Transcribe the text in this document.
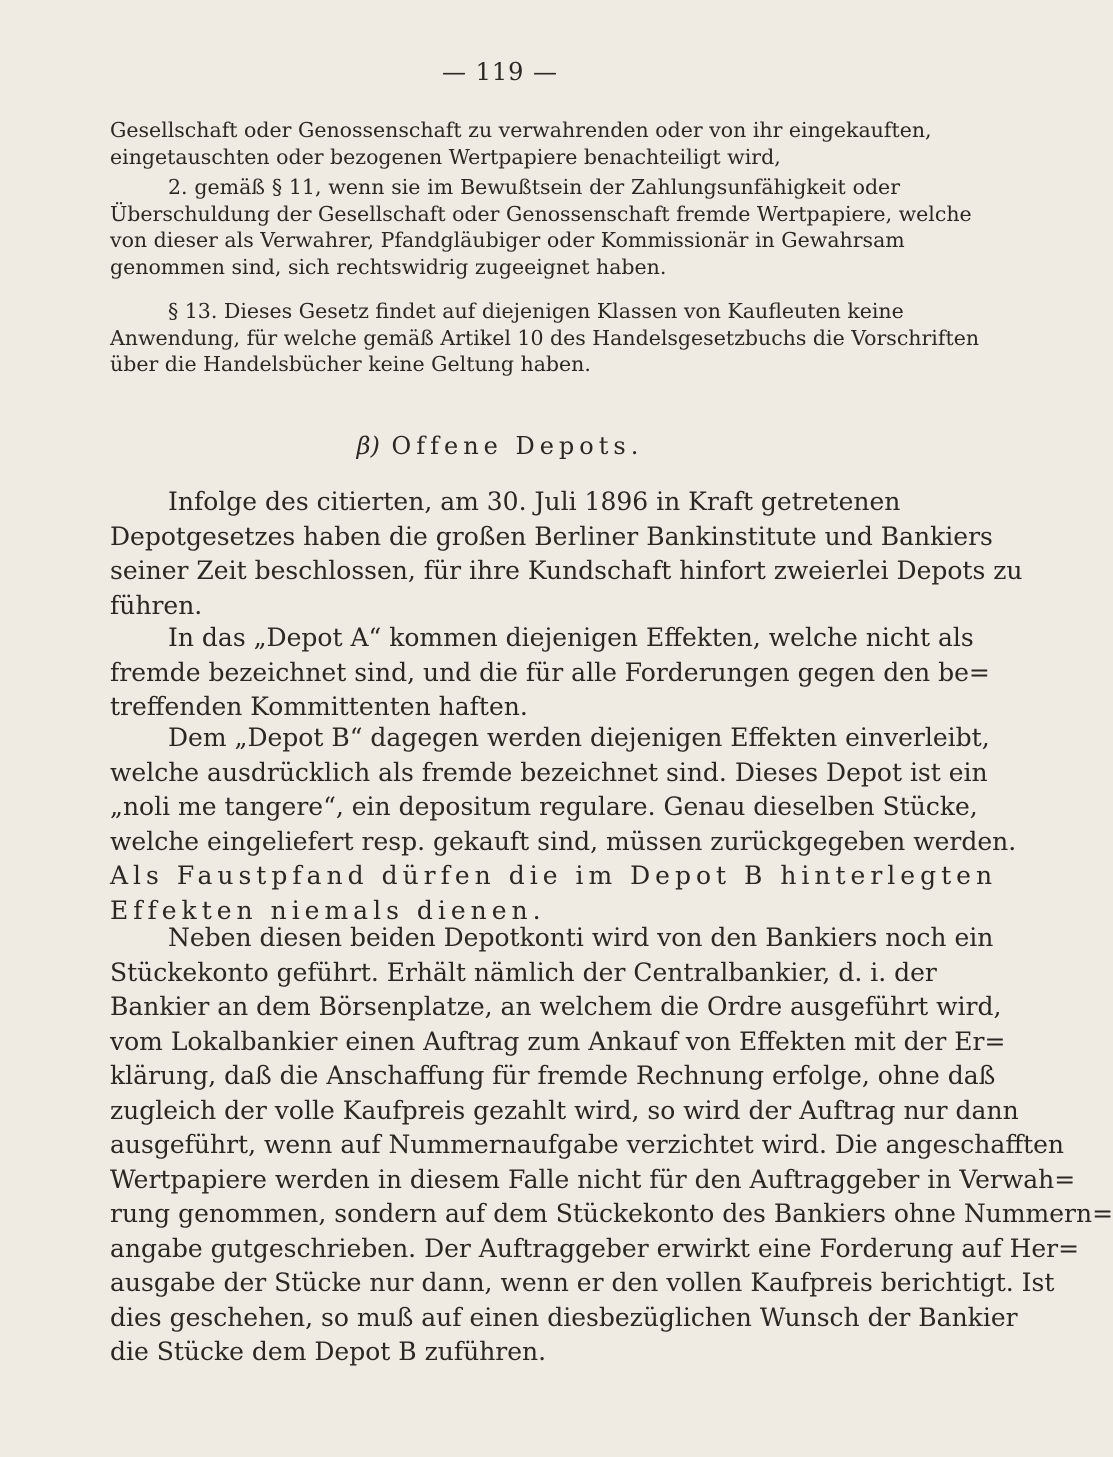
— 119 —
Gesellschaft oder Genossenschaft zu verwahrenden oder von ihr eingekauften,
eingetauschten oder bezogenen Wertpapiere benachteiligt wird,
2. gemäß § 11, wenn sie im Bewußtsein der Zahlungsunfähigkeit oder
Überschuldung der Gesellschaft oder Genossenschaft fremde Wertpapiere, welche
von dieser als Verwahrer, Pfandgläubiger oder Kommissionär in Gewahrsam
genommen sind, sich rechtswidrig zugeeignet haben.
§ 13. Dieses Gesetz findet auf diejenigen Klassen von Kaufleuten keine
Anwendung, für welche gemäß Artikel 10 des Handelsgesetzbuchs die Vorschriften
über die Handelsbücher keine Geltung haben.
β) Offene Depots.
Infolge des citierten, am 30. Juli 1896 in Kraft getretenen
Depotgesetzes haben die großen Berliner Bankinstitute und Bankiers
seiner Zeit beschlossen, für ihre Kundschaft hinfort zweierlei Depots zu
führen.
In das „Depot A“ kommen diejenigen Effekten, welche nicht als
fremde bezeichnet sind, und die für alle Forderungen gegen den be=
treffenden Kommittenten haften.
Dem „Depot B“ dagegen werden diejenigen Effekten einverleibt,
welche ausdrücklich als fremde bezeichnet sind. Dieses Depot ist ein
„noli me tangere“, ein depositum regulare. Genau dieselben Stücke,
welche eingeliefert resp. gekauft sind, müssen zurückgegeben werden.
Als Faustpfand dürfen die im Depot B hinterlegten
Effekten niemals dienen.
Neben diesen beiden Depotkonti wird von den Bankiers noch ein
Stückekonto geführt. Erhält nämlich der Centralbankier, d. i. der
Bankier an dem Börsenplatze, an welchem die Ordre ausgeführt wird,
vom Lokalbankier einen Auftrag zum Ankauf von Effekten mit der Er=
klärung, daß die Anschaffung für fremde Rechnung erfolge, ohne daß
zugleich der volle Kaufpreis gezahlt wird, so wird der Auftrag nur dann
ausgeführt, wenn auf Nummernaufgabe verzichtet wird. Die angeschafften
Wertpapiere werden in diesem Falle nicht für den Auftraggeber in Verwah=
rung genommen, sondern auf dem Stückekonto des Bankiers ohne Nummern=
angabe gutgeschrieben. Der Auftraggeber erwirkt eine Forderung auf Her=
ausgabe der Stücke nur dann, wenn er den vollen Kaufpreis berichtigt. Ist
dies geschehen, so muß auf einen diesbezüglichen Wunsch der Bankier
die Stücke dem Depot B zuführen.
